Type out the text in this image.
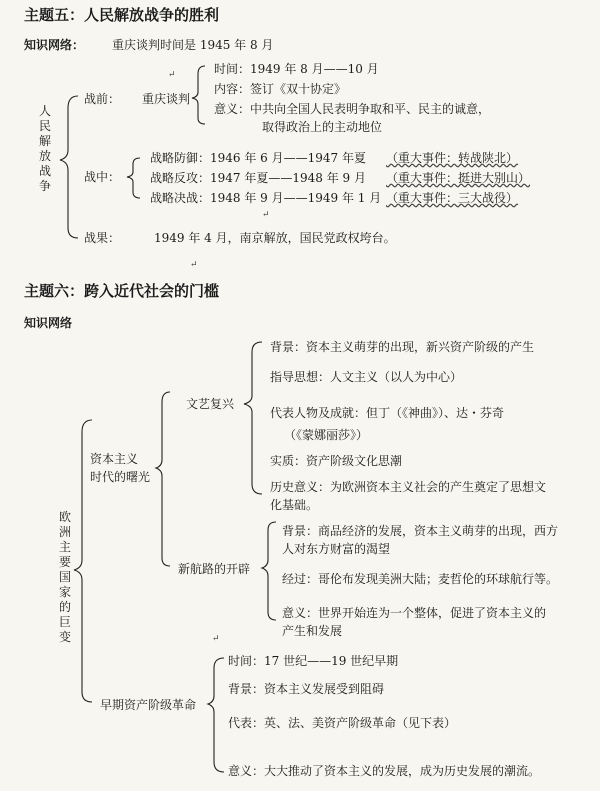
主题五：人民解放战争的胜利
知识网络： 重庆谈判时间是 1945 年 8 月
人民解放战争
战前： 重庆谈判
时间：1949 年 8 月——10 月
内容：签订《双十协定》
意义：中共向全国人民表明争取和平、民主的诚意，
取得政治上的主动地位
战中：
战略防御：1946 年 6 月——1947 年夏 （重大事件：转战陕北）
战略反攻：1947 年夏——1948 年 9 月 （重大事件：挺进大别山）
战略决战：1948 年 9 月——1949 年 1 月 （重大事件：三大战役）
战果：	1949 年 4 月，南京解放，国民党政权垮台。
主题六：跨入近代社会的门槛
知识网络
欧洲主要国家的巨变
资本主义
时代的曙光
文艺复兴
背景：资本主义萌芽的出现，新兴资产阶级的产生
指导思想：人文主义（以人为中心）
代表人物及成就：但丁（《神曲》）、达・芬奇
（《蒙娜丽莎》）
实质：资产阶级文化思潮
历史意义：为欧洲资本主义社会的产生奠定了思想文
化基础。
新航路的开辟
背景：商品经济的发展，资本主义萌芽的出现，西方
人对东方财富的渴望
经过：哥伦布发现美洲大陆；麦哲伦的环球航行等。
意义：世界开始连为一个整体，促进了资本主义的
产生和发展
早期资产阶级革命
时间：17 世纪——19 世纪早期
背景：资本主义发展受到阻碍
代表：英、法、美资产阶级革命（见下表）
意义：大大推动了资本主义的发展，成为历史发展的潮流。
↵
↵
↵
↵
